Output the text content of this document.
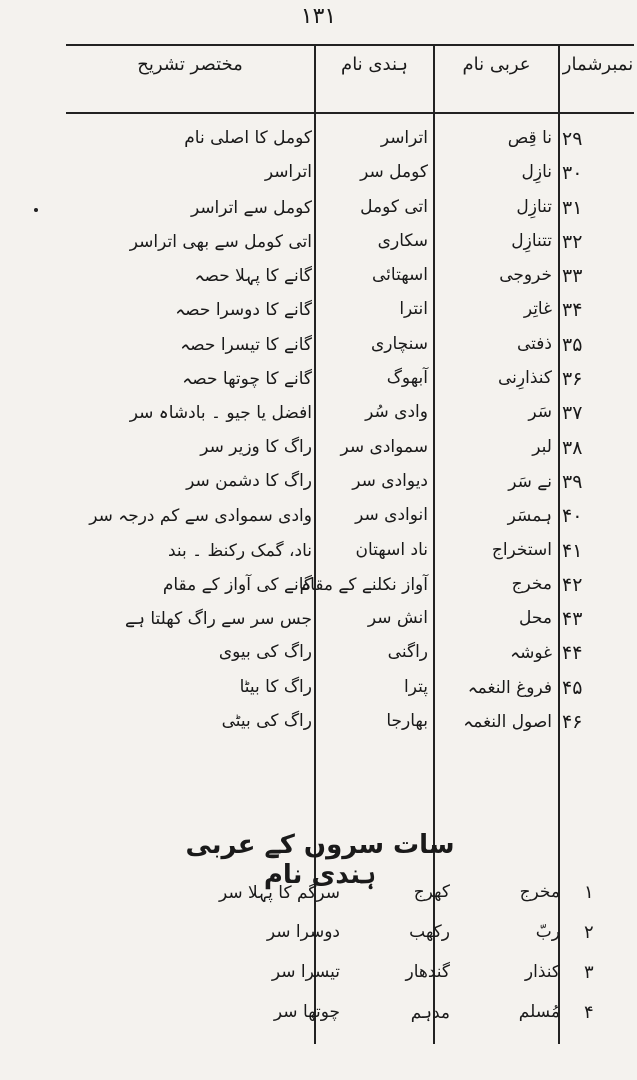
۱۳۱
نمبرشمار
عربی نام
ہندی نام
مختصر تشریح
۲۹
نا قِص
اتراسر
کومل کا اصلی نام
۳۰
نازِل
کومل سر
اتراسر
۳۱
تنازِل
اتی کومل
کومل سے اتراسر
۳۲
تتنازِل
سکاری
اتی کومل سے بھی اتراسر
۳۳
خروجی
اسھتائی
گانے کا پہلا حصہ
۳۴
غاتِر
انترا
گانے کا دوسرا حصہ
۳۵
ذفتی
سنچاری
گانے کا تیسرا حصہ
۳۶
کنذارِنی
آبھوگ
گانے کا چوتھا حصہ
۳۷
سَر
وادی سُر
افضل یا جیو ۔ بادشاہ سر
۳۸
لبر
سموادی سر
راگ کا وزیر سر
۳۹
نے سَر
دیوادی سر
راگ کا دشمن سر
۴۰
ہمسَر
انوادی سر
وادی سموادی سے کم درجہ سر
۴۱
استخراج
ناد اسھتان
ناد، گمک رکنظ ۔ بند
۴۲
مخرج
آواز نکلنے کے مقام
گانے کی آواز کے مقام
۴۳
محل
انش سر
جس سر سے راگ کھلتا ہے
۴۴
غوشہ
راگنی
راگ کی بیوی
۴۵
فروغ النغمہ
پترا
راگ کا بیٹا
۴۶
اصول النغمہ
بھارجا
راگ کی بیٹی
سات سروں کے عربی ہندی نام
۱
مخرج
کھرج
سرگم کا پہلا سر
۲
ربّ
رکھب
دوسرا سر
۳
کنذار
گندھار
تیسرا سر
۴
مُسلم
مدہم
چوتھا سر
